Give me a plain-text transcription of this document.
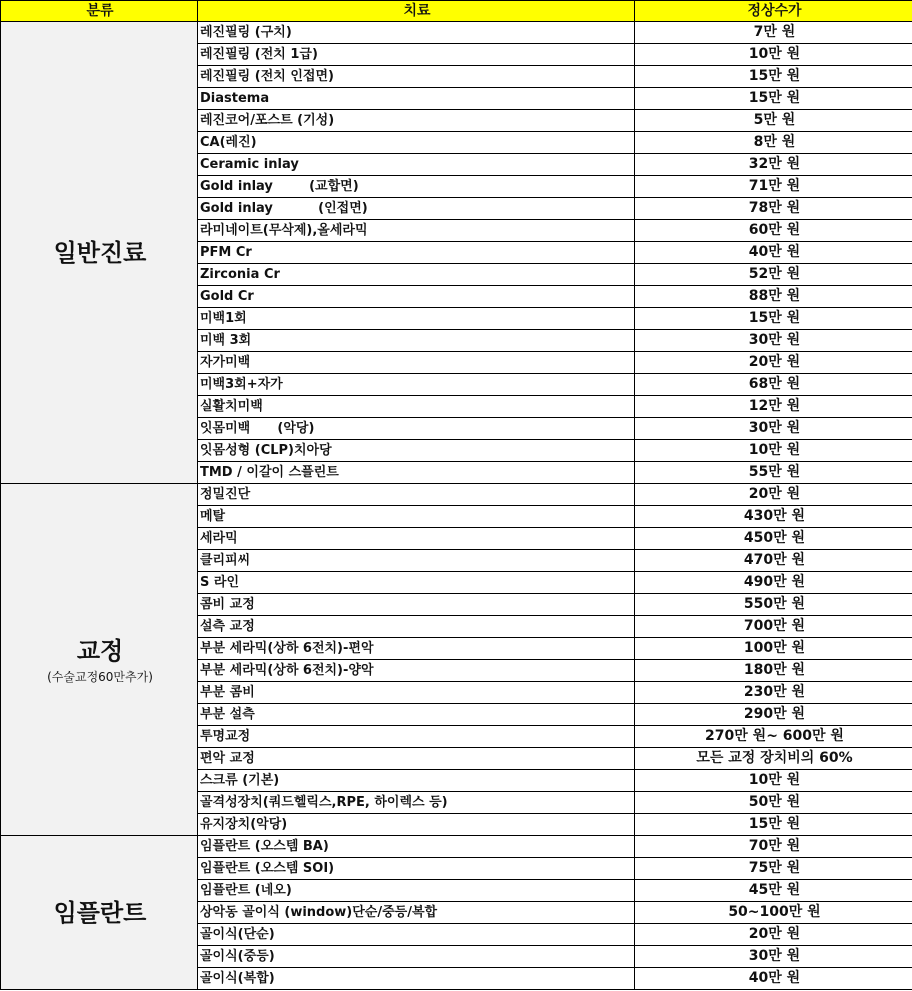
분류	치료	정상수가

일반진료	레진필링 (구치)	7만 원
	레진필링 (전치 1급)	10만 원
	레진필링 (전치 인접면)	15만 원
	Diastema	15만 원
	레진코어/포스트 (기성)	5만 원
	CA(레진)	8만 원
	Ceramic inlay	32만 원
	Gold inlay        (교합면)	71만 원
	Gold inlay          (인접면)	78만 원
	라미네이트(무삭제),올세라믹	60만 원
	PFM Cr	40만 원
	Zirconia Cr	52만 원
	Gold Cr	88만 원
	미백1회	15만 원
	미백 3회	30만 원
	자가미백	20만 원
	미백3회+자가	68만 원
	실활치미백	12만 원
	잇몸미백      (악당)	30만 원
	잇몸성형 (CLP)치아당	10만 원
	TMD / 이갈이 스플린트	55만 원

교정
(수술교정60만추가)	정밀진단	20만 원
	메탈	430만 원
	세라믹	450만 원
	클리피씨	470만 원
	S 라인	490만 원
	콤비 교정	550만 원
	설측 교정	700만 원
	부분 세라믹(상하 6전치)-편악	100만 원
	부분 세라믹(상하 6전치)-양악	180만 원
	부분 콤비	230만 원
	부분 설측	290만 원
	투명교정	270만 원~ 600만 원
	편악 교정	모든 교정 장치비의 60%
	스크류 (기본)	10만 원
	골격성장치(쿼드헬릭스,RPE, 하이렉스 등)	50만 원
	유지장치(악당)	15만 원

임플란트	임플란트 (오스템 BA)	70만 원
	임플란트 (오스템 SOI)	75만 원
	임플란트 (네오)	45만 원
	상악동 골이식 (window)단순/중등/복합	50~100만 원
	골이식(단순)	20만 원
	골이식(중등)	30만 원
	골이식(복합)	40만 원
